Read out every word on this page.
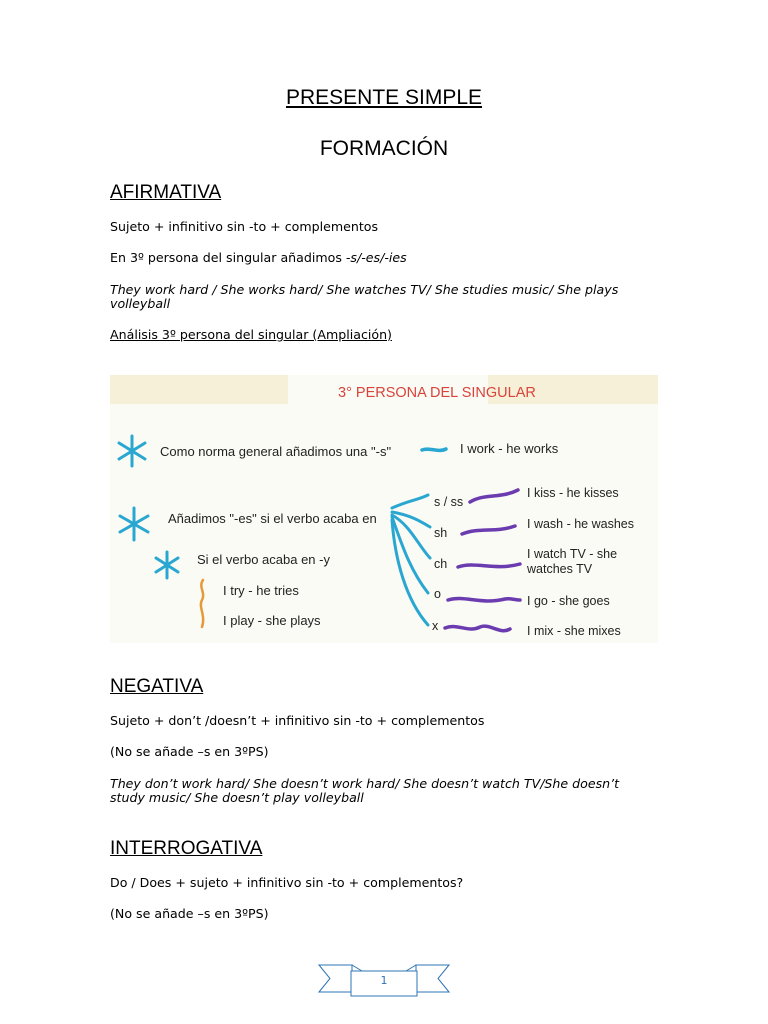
PRESENTE SIMPLE
FORMACIÓN
AFIRMATIVA

Sujeto + infinitivo sin -to + complementos

En 3º persona del singular añadimos -s/-es/-ies

They work hard / She works hard/ She watches TV/ She studies music/ She plays volleyball

Análisis 3º persona del singular (Ampliación)

3° PERSONA DEL SINGULAR
Como norma general añadimos una "-s"	I work - he works
Añadimos "-es" si el verbo acaba en
Si el verbo acaba en -y
I try - he tries
I play - she plays
s / ss
I kiss - he kisses
sh
I wash - he washes
ch
I watch TV - she
watches TV
o	I go - she goes
x	I mix - she mixes
NEGATIVA

Sujeto + don’t /doesn’t + infinitivo sin -to + complementos

(No se añade –s en 3ºPS)

They don’t work hard/ She doesn’t work hard/ She doesn’t watch TV/She doesn’t study music/ She doesn’t play volleyball

INTERROGATIVA

Do / Does + sujeto + infinitivo sin -to + complementos?

(No se añade –s en 3ºPS)

1
